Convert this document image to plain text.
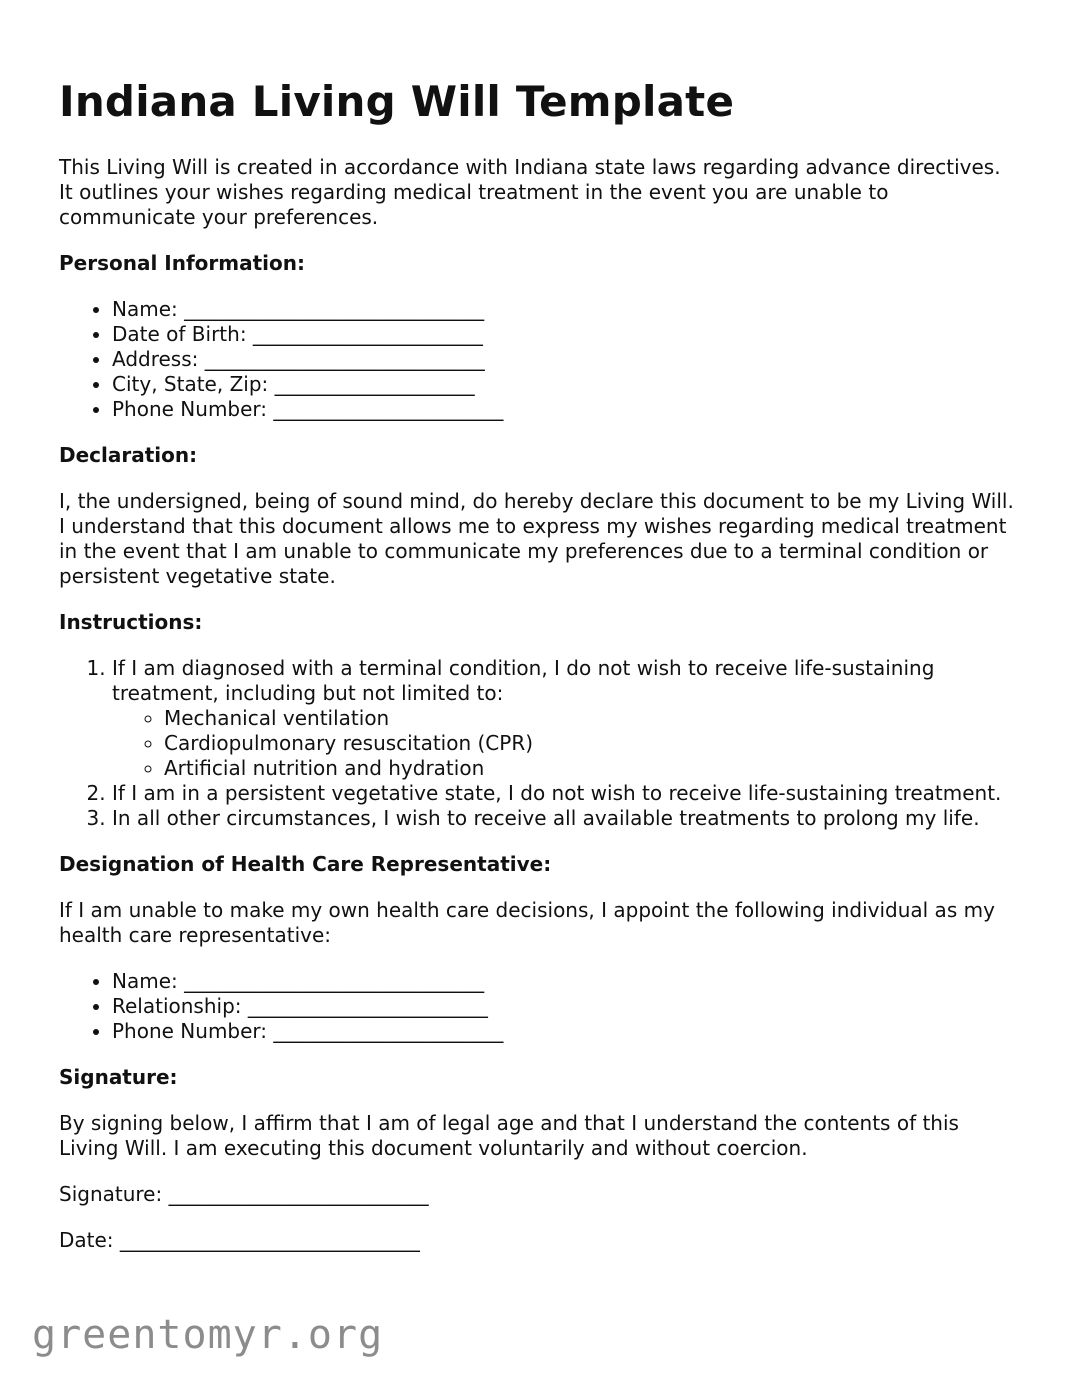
Indiana Living Will Template

This Living Will is created in accordance with Indiana state laws regarding advance directives. It outlines your wishes regarding medical treatment in the event you are unable to communicate your preferences.

Personal Information:

• Name: ______________________________
• Date of Birth: _______________________
• Address: ____________________________
• City, State, Zip: ____________________
• Phone Number: _______________________

Declaration:

I, the undersigned, being of sound mind, do hereby declare this document to be my Living Will. I understand that this document allows me to express my wishes regarding medical treatment in the event that I am unable to communicate my preferences due to a terminal condition or persistent vegetative state.

Instructions:

1. If I am diagnosed with a terminal condition, I do not wish to receive life-sustaining treatment, including but not limited to:
◦ Mechanical ventilation
◦ Cardiopulmonary resuscitation (CPR)
◦ Artificial nutrition and hydration
2. If I am in a persistent vegetative state, I do not wish to receive life-sustaining treatment.
3. In all other circumstances, I wish to receive all available treatments to prolong my life.

Designation of Health Care Representative:

If I am unable to make my own health care decisions, I appoint the following individual as my health care representative:

• Name: ______________________________
• Relationship: ________________________
• Phone Number: _______________________

Signature:

By signing below, I affirm that I am of legal age and that I understand the contents of this Living Will. I am executing this document voluntarily and without coercion.

Signature: __________________________

Date: ______________________________

greentomyr.org
